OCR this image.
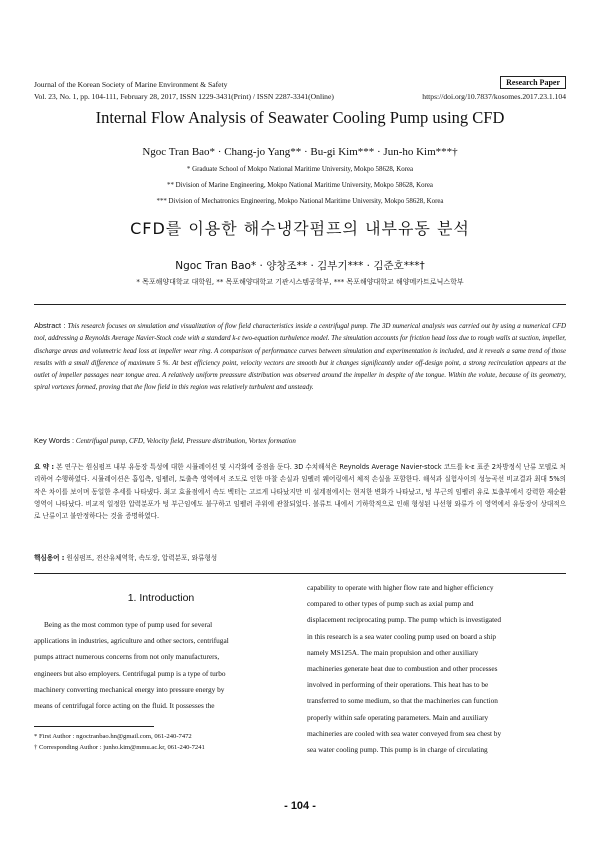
Journal of the Korean Society of Marine Environment & Safety	Research Paper
Vol. 23, No. 1, pp. 104-111, February 28, 2017, ISSN 1229-3431(Print) / ISSN 2287-3341(Online)	https://doi.org/10.7837/kosomes.2017.23.1.104
Internal Flow Analysis of Seawater Cooling Pump using CFD
Ngoc Tran Bao* · Chang-jo Yang** · Bu-gi Kim*** · Jun-ho Kim***†
* Graduate School of Mokpo National Maritime University, Mokpo 58628, Korea
** Division of Marine Engineering, Mokpo National Maritime University, Mokpo 58628, Korea
*** Division of Mechatronics Engineering, Mokpo National Maritime University, Mokpo 58628, Korea
CFD를 이용한 해수냉각펌프의 내부유동 분석
Ngoc Tran Bao* · 양창조** · 김부기*** · 김준호***†
* 목포해양대학교 대학원, ** 목포해양대학교 기관시스템공학부, *** 목포해양대학교 해양메카트로닉스학부
Abstract : This research focuses on simulation and visualization of flow field characteristics inside a centrifugal pump. The 3D numerical analysis was carried out by using a numerical CFD tool, addressing a Reynolds Average Navier-Stock code with a standard k-ε two-equation turbulence model. The simulation accounts for friction head loss due to rough walls at suction, impeller, discharge areas and volumetric head loss at impeller wear ring. A comparison of performance curves between simulation and experimentation is included, and it reveals a same trend of those results with a small difference of maximum 5 %. At best efficiency point, velocity vectors are smooth but it changes significantly under off-design point, a strong recirculation appears at the outlet of impeller passages near tongue area. A relatively uniform preassure distribution was observed around the impeller in despite of the tongue. Within the volute, because of its geometry, spiral vortexes formed, proving that the flow field in this region was relatively turbulent and unsteady.
Key Words : Centrifugal pump, CFD, Velocity field, Pressure distribution, Vortex formation
요 약 : 본 연구는 원심펌프 내부 유동장 특성에 대한 시뮬레이션 및 시각화에 중점을 둔다. 3D 수치해석은 Reynolds Average Navier-stock 코드를 k-ε 표준 2차방정식 난류 모델로 처리하여 수행하였다. 시뮬레이션은 흡입측, 임펠러, 토출측 영역에서 조도로 인한 마찰 손실과 임펠러 웨어링에서 체적 손실을 포함한다. 해석과 실험사이의 성능곡선 비교결과 최대 5%의 작은 차이를 보이며 동일한 추세를 나타냈다. 최고 효율점에서 속도 벡터는 고르게 나타났지만 비 설계점에서는 현저한 변화가 나타났고, 텅 부근의 임펠러 유로 토출부에서 강력한 재순환 영역이 나타났다. 비교적 일정한 압력분포가 텅 부근임에도 불구하고 임펠러 주위에 관찰되었다. 볼류트 내에서 기하학적으로 인해 형성된 나선형 와류가 이 영역에서 유동장이 상대적으로 난류이고 불안정하다는 것을 증명하였다.
핵심용어 : 원심펌프, 전산유체역학, 속도장, 압력분포, 와류형성
1. Introduction
Being as the most common type of pump used for several
applications in industries, agriculture and other sectors, centrifugal
pumps attract numerous concerns from not only manufacturers,
engineers but also employers. Centrifugal pump is a type of turbo
machinery converting mechanical energy into pressure energy by
means of centrifugal force acting on the fluid. It possesses the
* First Author : ngoctranbao.hn@gmail.com, 061-240-7472
† Corresponding Author : junho.kim@mmu.ac.kr, 061-240-7241
capability to operate with higher flow rate and higher efficiency
compared to other types of pump such as axial pump and
displacement reciprocating pump. The pump which is investigated
in this research is a sea water cooling pump used on board a ship
namely MS125A. The main propulsion and other auxiliary
machineries generate heat due to combustion and other processes
involved in performing of their operations. This heat has to be
transferred to some medium, so that the machineries can function
properly within safe operating parameters. Main and auxiliary
machineries are cooled with sea water conveyed from sea chest by
sea water cooling pump. This pump is in charge of circulating
- 104 -
